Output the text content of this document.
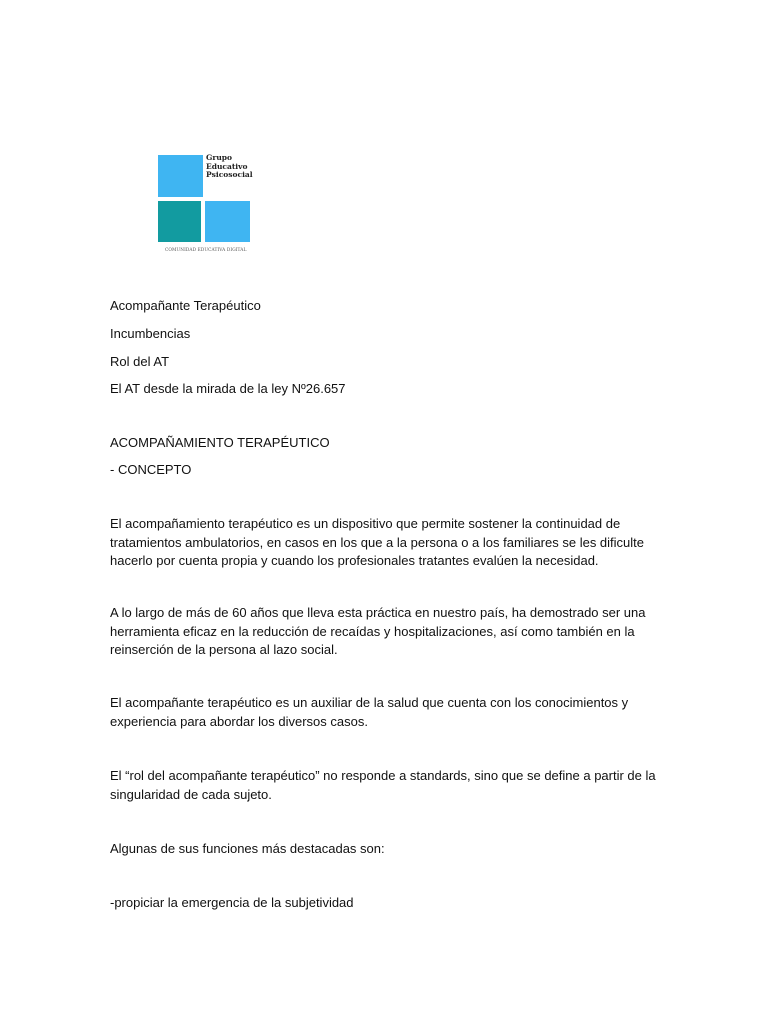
Grupo
Educativo
Psicosocial
COMUNIDAD EDUCATIVA DIGITAL
Acompañante Terapéutico
Incumbencias
Rol del AT
El AT desde la mirada de la ley Nº26.657
ACOMPAÑAMIENTO TERAPÉUTICO
- CONCEPTO
El acompañamiento terapéutico es un dispositivo que permite sostener la continuidad de
tratamientos ambulatorios, en casos en los que a la persona o a los familiares se les dificulte
hacerlo por cuenta propia y cuando los profesionales tratantes evalúen la necesidad.
A lo largo de más de 60 años que lleva esta práctica en nuestro país, ha demostrado ser una
herramienta eficaz en la reducción de recaídas y hospitalizaciones, así como también en la
reinserción de la persona al lazo social.
El acompañante terapéutico es un auxiliar de la salud que cuenta con los conocimientos y
experiencia para abordar los diversos casos.
El “rol del acompañante terapéutico” no responde a standards, sino que se define a partir de la
singularidad de cada sujeto.
Algunas de sus funciones más destacadas son:
-propiciar la emergencia de la subjetividad
